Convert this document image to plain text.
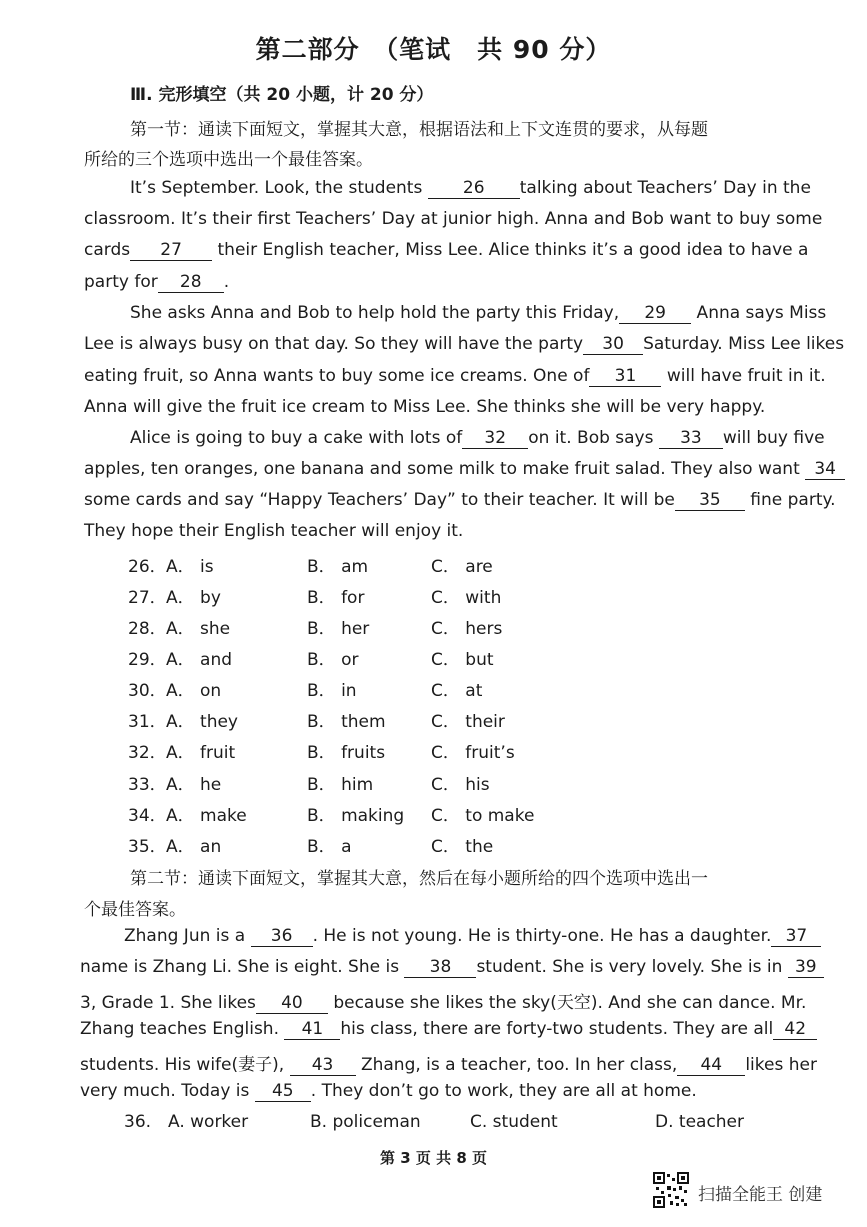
第二部分　（笔试　共 90 分）
Ⅲ. 完形填空（共 20 小题，计 20 分）
第一节：通读下面短文，掌握其大意，根据语法和上下文连贯的要求，从每题
所给的三个选项中选出一个最佳答案。
It’s September. Look, the students 26 talking about Teachers’ Day in the
classroom. It’s their first Teachers’ Day at junior high. Anna and Bob want to buy some
cards 27 their English teacher, Miss Lee. Alice thinks it’s a good idea to have a
party for 28 .
She asks Anna and Bob to help hold the party this Friday, 29 Anna says Miss
Lee is always busy on that day. So they will have the party 30 Saturday. Miss Lee likes
eating fruit, so Anna wants to buy some ice creams. One of 31 will have fruit in it.
Anna will give the fruit ice cream to Miss Lee. She thinks she will be very happy.
Alice is going to buy a cake with lots of 32 on it. Bob says 33 will buy five
apples, ten oranges, one banana and some milk to make fruit salad. They also want 34
some cards and say “Happy Teachers’ Day” to their teacher. It will be 35 fine party.
They hope their English teacher will enjoy it.
26． A． is	B． am	C． are
27． A． by	B． for	C． with
28． A． she	B． her	C． hers
29． A． and	B． or	C． but
30． A． on	B． in	C． at
31． A． they	B． them	C． their
32． A． fruit	B． fruits	C． fruit’s
33． A． he	B． him	C． his
34． A． make	B． making C． to make
35． A． an	B． a	C． the
第二节：通读下面短文，掌握其大意，然后在每小题所给的四个选项中选出一
个最佳答案。
Zhang Jun is a 36 . He is not young. He is thirty-one. He has a daughter. 37
name is Zhang Li. She is eight. She is 38 student. She is very lovely. She is in 39
3, Grade 1. She likes 40 because she likes the sky(天空). And she can dance. Mr.
Zhang teaches English. 41 his class, there are forty-two students. They are all 42
students. His wife(妻子), 43 Zhang, is a teacher, too. In her class, 44 likes her
very much. Today is 45 . They don’t go to work, they are all at home.
36. A. worker	B. policeman	C. student	D. teacher
第 3 页 共 8 页
扫描全能王 创建
